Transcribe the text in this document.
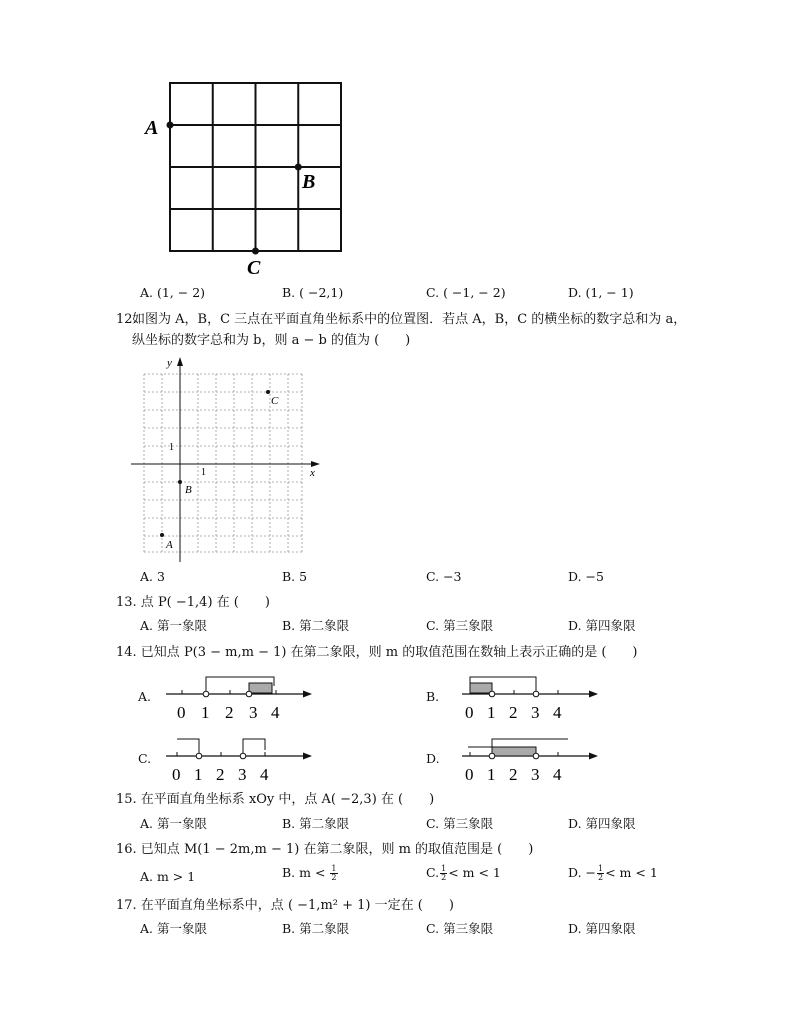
A
B
C
A. (1, − 2)	B. ( −2,1)	C. ( −1, − 2)	D. (1, − 1)
12.
如图为 A，B，C 三点在平面直角坐标系中的位置图．若点 A，B，C 的横坐标的数字总和为 a，
纵坐标的数字总和为 b，则 a − b 的值为 (　　)
y
x
1
1
C
B
A
A. 3	B. 5	C. −3	D. −5
13. 点 P( −1,4) 在 (　　)
A. 第一象限	B. 第二象限	C. 第三象限	D. 第四象限
14. 已知点 P(3 − m,m − 1) 在第二象限，则 m 的取值范围在数轴上表示正确的是 (　　)
A.
0 1 2 3 4
B.
0 1 2 3 4
C.
0 1 2 3 4
D.
0 1 2 3 4
15. 在平面直角坐标系 xOy 中，点 A( −2,3) 在 (　　)
A. 第一象限	B. 第二象限	C. 第三象限	D. 第四象限
16. 已知点 M(1 − 2m,m − 1) 在第二象限，则 m 的取值范围是 (　　)
A. m > 1	B. $m < \frac{1}{2}$	C. $\frac{1}{2} < m < 1$	D. − $\frac{1}{2} < m < 1$
17. 在平面直角坐标系中，点 ( −1,m² + 1) 一定在 (　　)
A. 第一象限	B. 第二象限	C. 第三象限	D. 第四象限
